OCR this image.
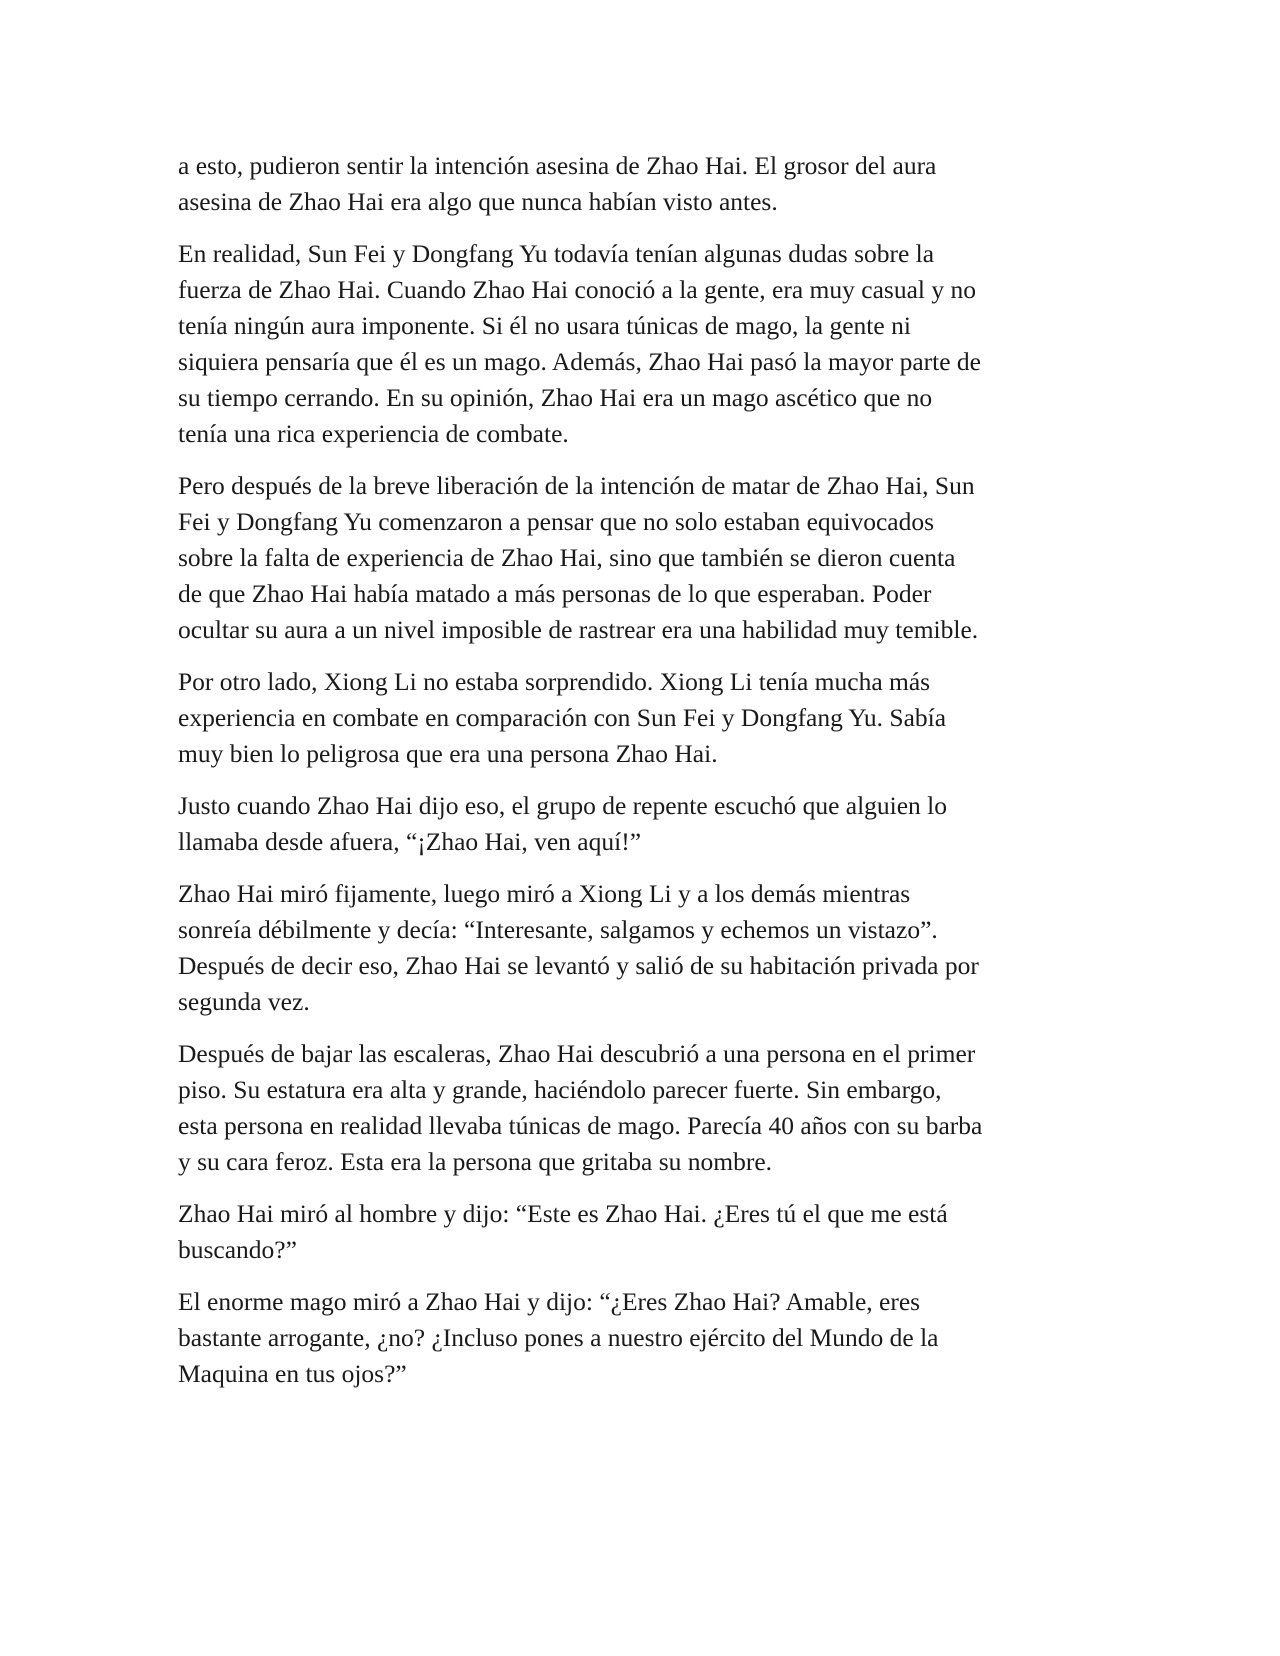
a esto, pudieron sentir la intención asesina de Zhao Hai. El grosor del aura
asesina de Zhao Hai era algo que nunca habían visto antes.

En realidad, Sun Fei y Dongfang Yu todavía tenían algunas dudas sobre la
fuerza de Zhao Hai. Cuando Zhao Hai conoció a la gente, era muy casual y no
tenía ningún aura imponente. Si él no usara túnicas de mago, la gente ni
siquiera pensaría que él es un mago. Además, Zhao Hai pasó la mayor parte de
su tiempo cerrando. En su opinión, Zhao Hai era un mago ascético que no
tenía una rica experiencia de combate.

Pero después de la breve liberación de la intención de matar de Zhao Hai, Sun
Fei y Dongfang Yu comenzaron a pensar que no solo estaban equivocados
sobre la falta de experiencia de Zhao Hai, sino que también se dieron cuenta
de que Zhao Hai había matado a más personas de lo que esperaban. Poder
ocultar su aura a un nivel imposible de rastrear era una habilidad muy temible.

Por otro lado, Xiong Li no estaba sorprendido. Xiong Li tenía mucha más
experiencia en combate en comparación con Sun Fei y Dongfang Yu. Sabía
muy bien lo peligrosa que era una persona Zhao Hai.

Justo cuando Zhao Hai dijo eso, el grupo de repente escuchó que alguien lo
llamaba desde afuera, “¡Zhao Hai, ven aquí!”

Zhao Hai miró fijamente, luego miró a Xiong Li y a los demás mientras
sonreía débilmente y decía: “Interesante, salgamos y echemos un vistazo”.
Después de decir eso, Zhao Hai se levantó y salió de su habitación privada por
segunda vez.

Después de bajar las escaleras, Zhao Hai descubrió a una persona en el primer
piso. Su estatura era alta y grande, haciéndolo parecer fuerte. Sin embargo,
esta persona en realidad llevaba túnicas de mago. Parecía 40 años con su barba
y su cara feroz. Esta era la persona que gritaba su nombre.

Zhao Hai miró al hombre y dijo: “Este es Zhao Hai. ¿Eres tú el que me está
buscando?”

El enorme mago miró a Zhao Hai y dijo: “¿Eres Zhao Hai? Amable, eres
bastante arrogante, ¿no? ¿Incluso pones a nuestro ejército del Mundo de la
Maquina en tus ojos?”
